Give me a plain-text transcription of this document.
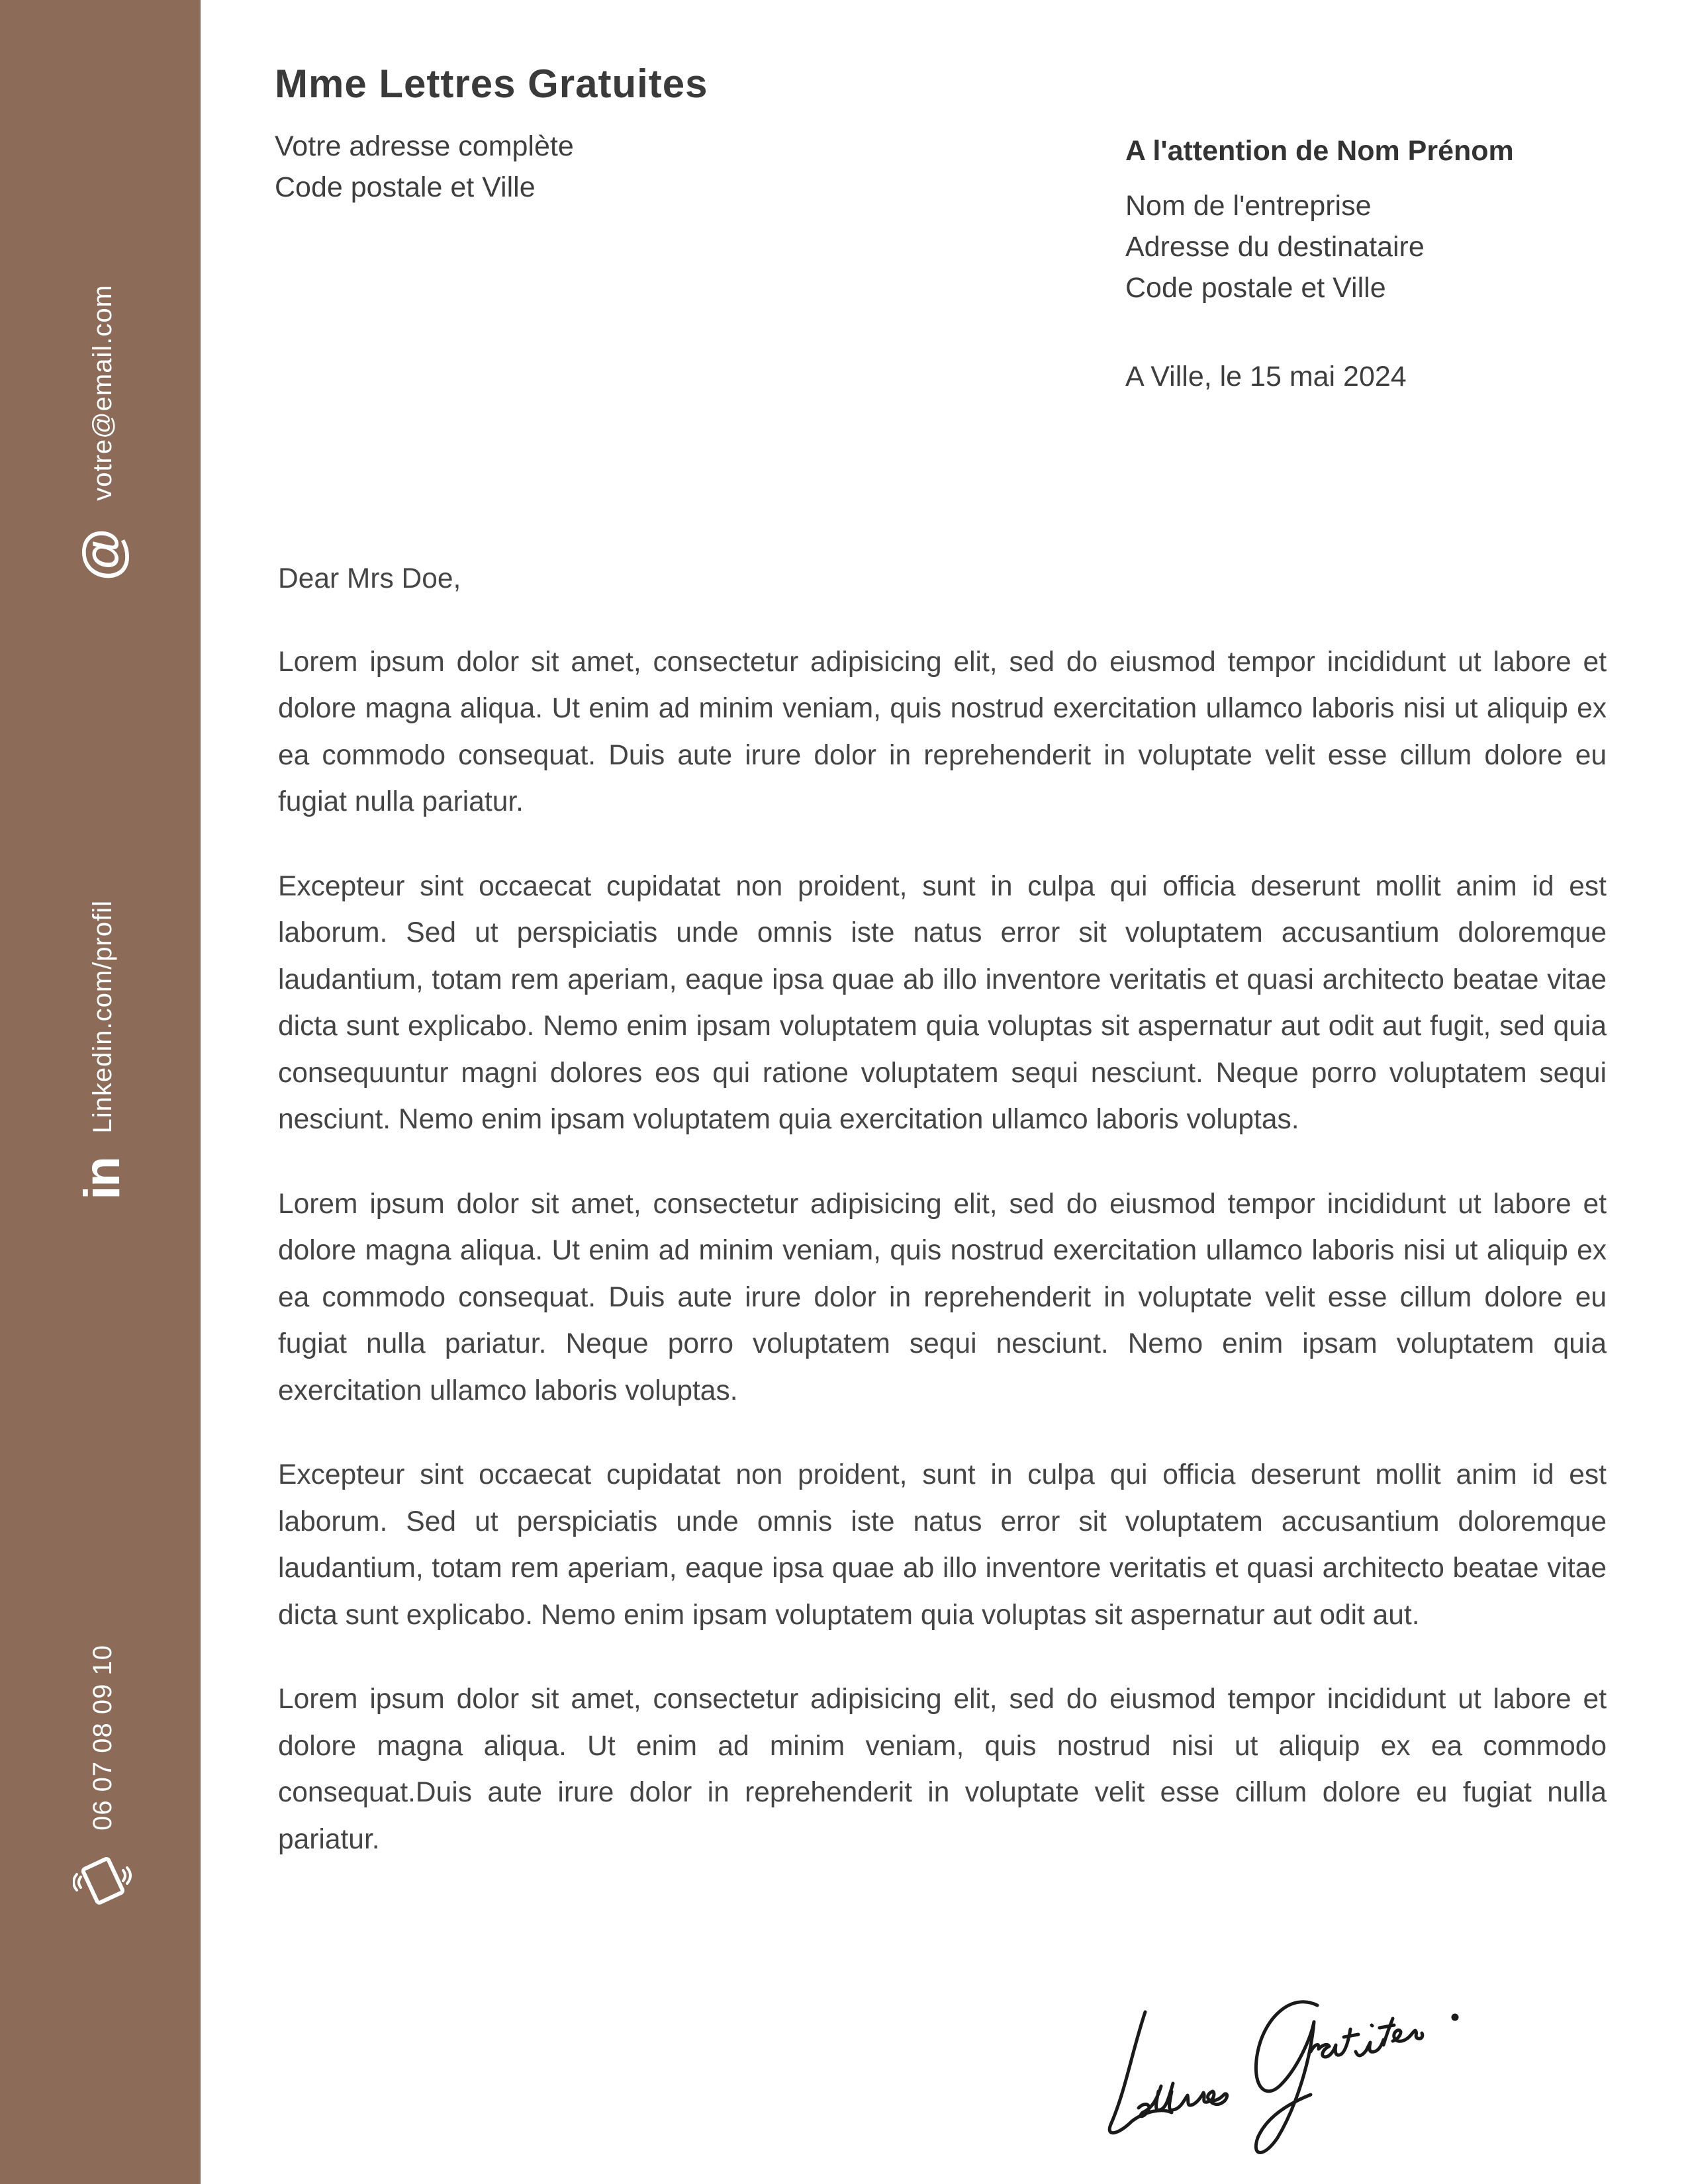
votre@email.com
@
Linkedin.com/profil
in
06 07 08 09 10
Mme Lettres Gratuites
Votre adresse complète
Code postale et Ville
A l'attention de Nom Prénom
Nom de l'entreprise
Adresse du destinataire
Code postale et Ville
A Ville, le 15 mai 2024

Dear Mrs Doe,

Lorem ipsum dolor sit amet, consectetur adipisicing elit, sed do eiusmod tempor incididunt ut labore et dolore magna aliqua. Ut enim ad minim veniam, quis nostrud exercitation ullamco laboris nisi ut aliquip ex ea commodo consequat. Duis aute irure dolor in reprehenderit in voluptate velit esse cillum dolore eu fugiat nulla pariatur.

Excepteur sint occaecat cupidatat non proident, sunt in culpa qui officia deserunt mollit anim id est laborum. Sed ut perspiciatis unde omnis iste natus error sit voluptatem accusantium doloremque laudantium, totam rem aperiam, eaque ipsa quae ab illo inventore veritatis et quasi architecto beatae vitae dicta sunt explicabo. Nemo enim ipsam voluptatem quia voluptas sit aspernatur aut odit aut fugit, sed quia consequuntur magni dolores eos qui ratione voluptatem sequi nesciunt. Neque porro voluptatem sequi nesciunt. Nemo enim ipsam voluptatem quia exercitation ullamco laboris voluptas.

Lorem ipsum dolor sit amet, consectetur adipisicing elit, sed do eiusmod tempor incididunt ut labore et dolore magna aliqua. Ut enim ad minim veniam, quis nostrud exercitation ullamco laboris nisi ut aliquip ex ea commodo consequat. Duis aute irure dolor in reprehenderit in voluptate velit esse cillum dolore eu fugiat nulla pariatur. Neque porro voluptatem sequi nesciunt. Nemo enim ipsam voluptatem quia exercitation ullamco laboris voluptas.

Excepteur sint occaecat cupidatat non proident, sunt in culpa qui officia deserunt mollit anim id est laborum. Sed ut perspiciatis unde omnis iste natus error sit voluptatem accusantium doloremque laudantium, totam rem aperiam, eaque ipsa quae ab illo inventore veritatis et quasi architecto beatae vitae dicta sunt explicabo. Nemo enim ipsam voluptatem quia voluptas sit aspernatur aut odit aut.

Lorem ipsum dolor sit amet, consectetur adipisicing elit, sed do eiusmod tempor incididunt ut labore et dolore magna aliqua. Ut enim ad minim veniam, quis nostrud nisi ut aliquip ex ea commodo consequat.Duis aute irure dolor in reprehenderit in voluptate velit esse cillum dolore eu fugiat nulla pariatur.

Lettres Gratuites.
